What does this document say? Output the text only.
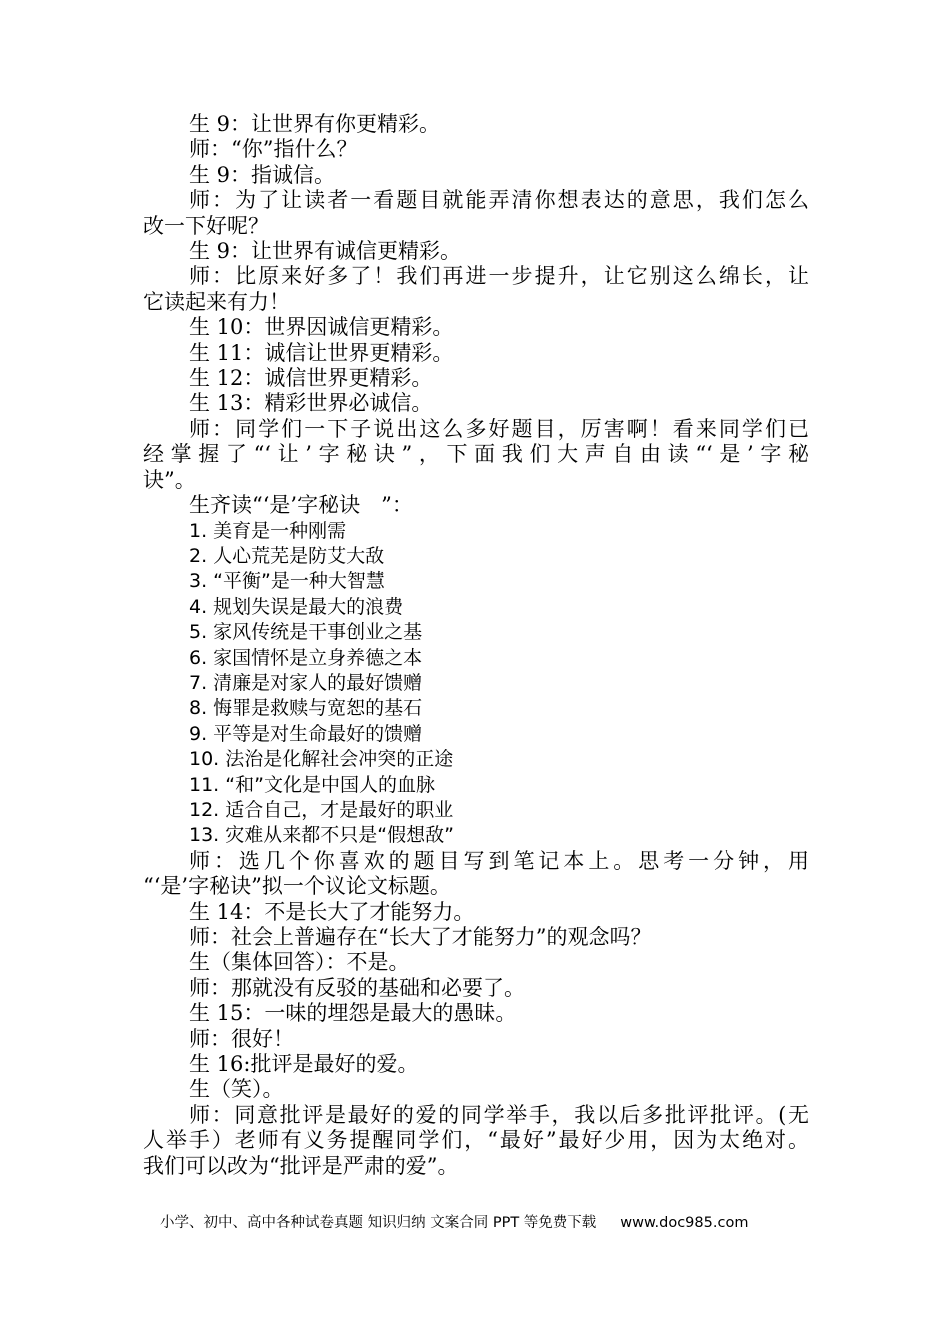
生 9：让世界有你更精彩。
师：“你”指什么？
生 9：指诚信。
师：为了让读者一看题目就能弄清你想表达的意思，我们怎么
改一下好呢？
生 9：让世界有诚信更精彩。
师：比原来好多了！我们再进一步提升，让它别这么绵长，让
它读起来有力！
生 10：世界因诚信更精彩。
生 11：诚信让世界更精彩。
生 12：诚信世界更精彩。
生 13：精彩世界必诚信。
师：同学们一下子说出这么多好题目，厉害啊！看来同学们已
经掌握了“‘让’字秘诀”，下面我们大声自由读“‘是’字秘
诀”。
生齐读“‘是’字秘诀　”：
1. 美育是一种刚需
2. 人心荒芜是防艾大敌
3. “平衡”是一种大智慧
4. 规划失误是最大的浪费
5. 家风传统是干事创业之基
6. 家国情怀是立身养德之本
7. 清廉是对家人的最好馈赠
8. 悔罪是救赎与宽恕的基石
9. 平等是对生命最好的馈赠
10. 法治是化解社会冲突的正途
11. “和”文化是中国人的血脉
12. 适合自己，才是最好的职业
13. 灾难从来都不只是“假想敌”
师：选几个你喜欢的题目写到笔记本上。思考一分钟，用
“‘是’字秘诀”拟一个议论文标题。
生 14：不是长大了才能努力。
师：社会上普遍存在“长大了才能努力”的观念吗？
生（集体回答）：不是。
师：那就没有反驳的基础和必要了。
生 15：一味的埋怨是最大的愚昧。
师：很好！
生 16:批评是最好的爱。
生（笑）。
师：同意批评是最好的爱的同学举手，我以后多批评批评。(无
人举手）老师有义务提醒同学们，“最好”最好少用，因为太绝对。
我们可以改为“批评是严肃的爱”。
小学、初中、高中各种试卷真题 知识归纳 文案合同 PPT 等免费下载 www.doc985.com
